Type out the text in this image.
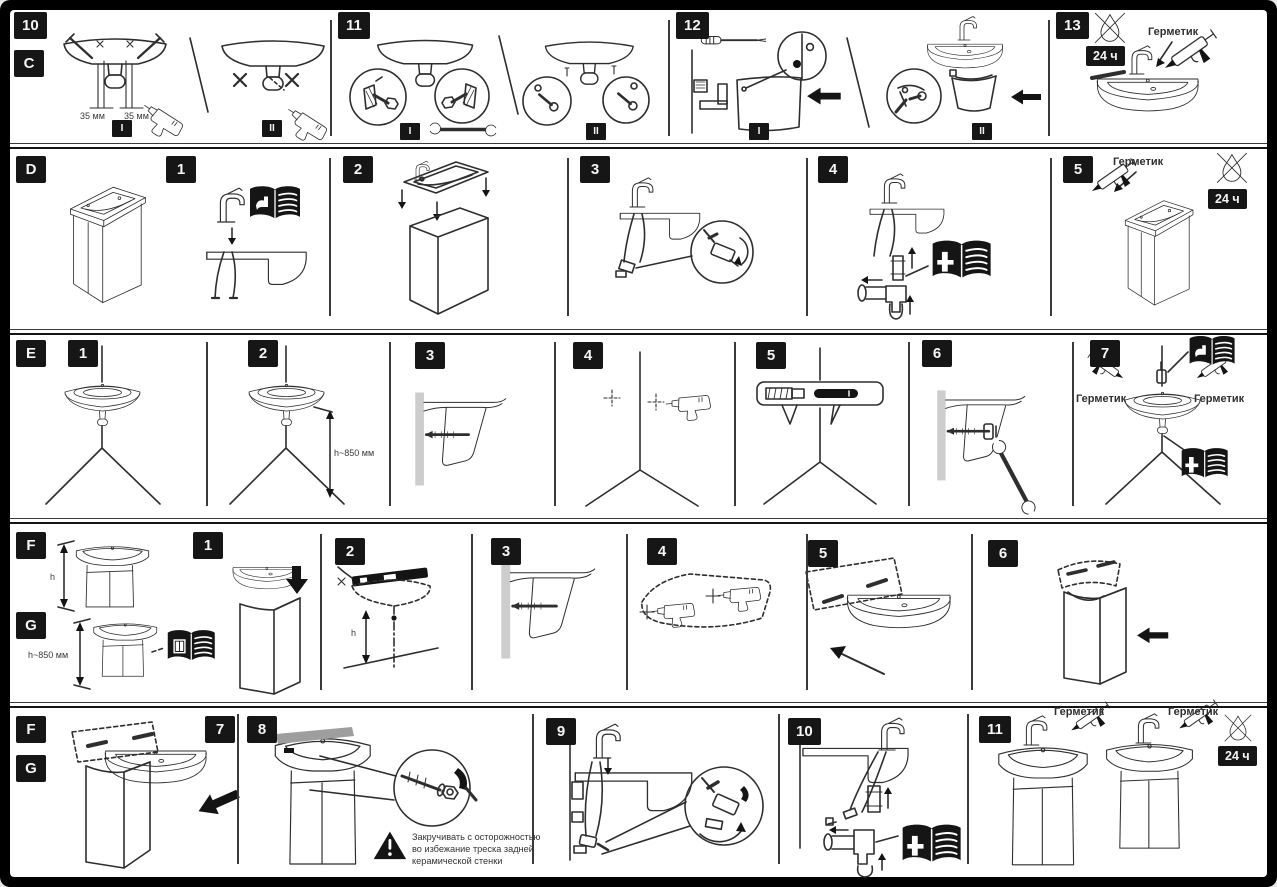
10
C
11	12	13
D	1	2	3	4	5
E	1	2	3	4	5	6	7
F
G
1	2	3	4	5	6
F
G
7	8	9	10	11
I	II	I	II	I	II
24 ч
24 ч
24 ч
Герметик
Герметик
Герметик	Герметик
Герметик	Герметик
35 мм 35 мм
h~850 мм
h
h~850 мм
h
Закручивать с осторожностью
во избежание треска задней
керамической стенки
